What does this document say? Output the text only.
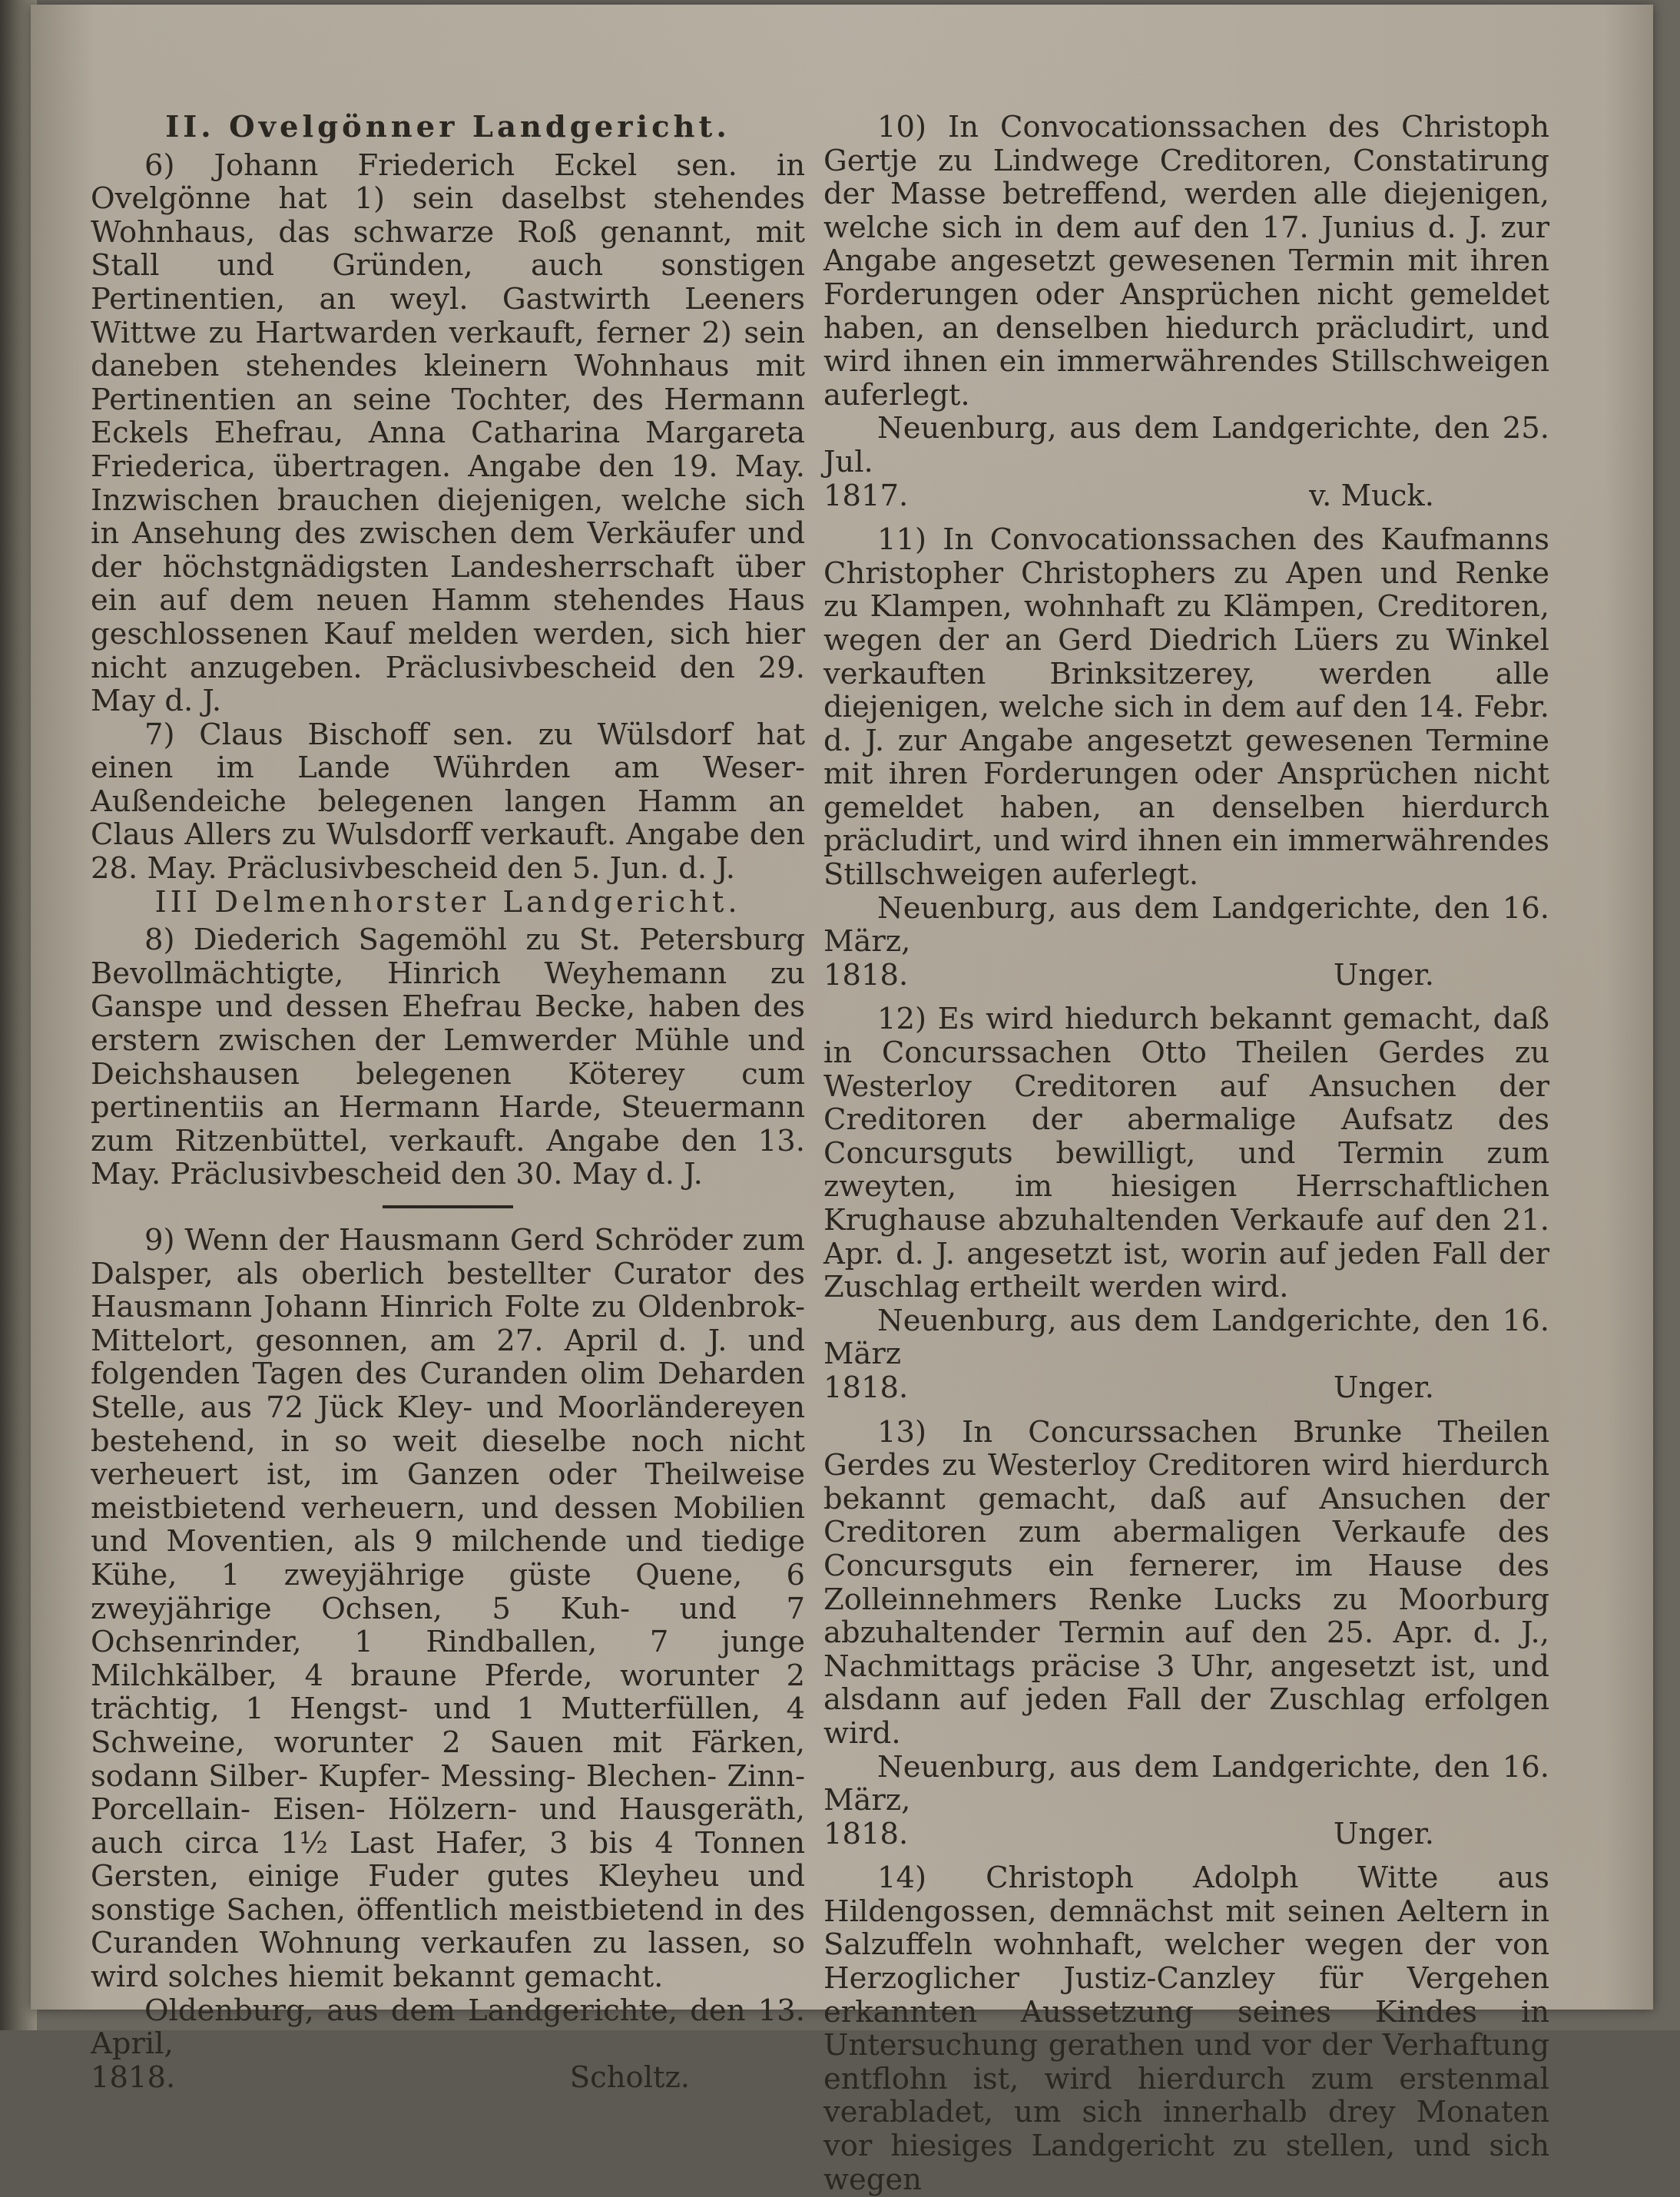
II. Ovelgönner Landgericht.

6) Johann Friederich Eckel sen. in Ovelgönne hat 1) sein daselbst stehendes Wohnhaus, das schwarze Roß genannt, mit Stall und Gründen, auch sonstigen Pertinentien, an weyl. Gastwirth Leeners Wittwe zu Hartwarden verkauft, ferner 2) sein daneben stehendes kleinern Wohnhaus mit Pertinentien an seine Tochter, des Hermann Eckels Ehefrau, Anna Catharina Margareta Friederica, übertragen. Angabe den 19. May. Inzwischen brauchen diejenigen, welche sich in Ansehung des zwischen dem Verkäufer und der höchstgnädigsten Landesherrschaft über ein auf dem neuen Hamm stehendes Haus geschlossenen Kauf melden werden, sich hier nicht anzugeben. Präclusivbescheid den 29. May d. J.

7) Claus Bischoff sen. zu Wülsdorf hat einen im Lande Wührden am Weser-Außendeiche belegenen langen Hamm an Claus Allers zu Wulsdorff verkauft. Angabe den 28. May. Präclusivbescheid den 5. Jun. d. J.

III Delmenhorster Landgericht.

8) Diederich Sagemöhl zu St. Petersburg Bevollmächtigte, Hinrich Weyhemann zu Ganspe und dessen Ehefrau Becke, haben des erstern zwischen der Lemwerder Mühle und Deichshausen belegenen Köterey cum pertinentiis an Hermann Harde, Steuermann zum Ritzenbüttel, verkauft. Angabe den 13. May. Präclusivbescheid den 30. May d. J.

9) Wenn der Hausmann Gerd Schröder zum Dalsper, als oberlich bestellter Curator des Hausmann Johann Hinrich Folte zu Oldenbrok-Mittelort, gesonnen, am 27. April d. J. und folgenden Tagen des Curanden olim Deharden Stelle, aus 72 Jück Kley- und Moorländereyen bestehend, in so weit dieselbe noch nicht verheuert ist, im Ganzen oder Theilweise meistbietend verheuern, und dessen Mobilien und Moventien, als 9 milchende und tiedige Kühe, 1 zweyjährige güste Quene, 6 zweyjährige Ochsen, 5 Kuh- und 7 Ochsenrinder, 1 Rindballen, 7 junge Milchkälber, 4 braune Pferde, worunter 2 trächtig, 1 Hengst- und 1 Mutterfüllen, 4 Schweine, worunter 2 Sauen mit Färken, sodann Silber- Kupfer- Messing- Blechen- Zinn- Porcellain- Eisen- Hölzern- und Hausgeräth, auch circa 1½ Last Hafer, 3 bis 4 Tonnen Gersten, einige Fuder gutes Kleyheu und sonstige Sachen, öffentlich meistbietend in des Curanden Wohnung verkaufen zu lassen, so wird solches hiemit bekannt gemacht.

Oldenburg, aus dem Landgerichte, den 13. April,

1818.	Scholtz.

10) In Convocationssachen des Christoph Gertje zu Lindwege Creditoren, Constatirung der Masse betreffend, werden alle diejenigen, welche sich in dem auf den 17. Junius d. J. zur Angabe angesetzt gewesenen Termin mit ihren Forderungen oder Ansprüchen nicht gemeldet haben, an denselben hiedurch präcludirt, und wird ihnen ein immerwährendes Stillschweigen auferlegt.

Neuenburg, aus dem Landgerichte, den 25. Jul.

1817.	v. Muck.

11) In Convocationssachen des Kaufmanns Christopher Christophers zu Apen und Renke zu Klampen, wohnhaft zu Klämpen, Creditoren, wegen der an Gerd Diedrich Lüers zu Winkel verkauften Brinksitzerey, werden alle diejenigen, welche sich in dem auf den 14. Febr. d. J. zur Angabe angesetzt gewesenen Termine mit ihren Forderungen oder Ansprüchen nicht gemeldet haben, an denselben hierdurch präcludirt, und wird ihnen ein immerwährendes Stillschweigen auferlegt.

Neuenburg, aus dem Landgerichte, den 16. März,

1818.	Unger.

12) Es wird hiedurch bekannt gemacht, daß in Concurssachen Otto Theilen Gerdes zu Westerloy Creditoren auf Ansuchen der Creditoren der abermalige Aufsatz des Concursguts bewilligt, und Termin zum zweyten, im hiesigen Herrschaftlichen Krughause abzuhaltenden Verkaufe auf den 21. Apr. d. J. angesetzt ist, worin auf jeden Fall der Zuschlag ertheilt werden wird.

Neuenburg, aus dem Landgerichte, den 16. März

1818.	Unger.

13) In Concurssachen Brunke Theilen Gerdes zu Westerloy Creditoren wird hierdurch bekannt gemacht, daß auf Ansuchen der Creditoren zum abermaligen Verkaufe des Concursguts ein fernerer, im Hause des Zolleinnehmers Renke Lucks zu Moorburg abzuhaltender Termin auf den 25. Apr. d. J., Nachmittags präcise 3 Uhr, angesetzt ist, und alsdann auf jeden Fall der Zuschlag erfolgen wird.

Neuenburg, aus dem Landgerichte, den 16. März,

1818.	Unger.

14) Christoph Adolph Witte aus Hildengossen, demnächst mit seinen Aeltern in Salzuffeln wohnhaft, welcher wegen der von Herzoglicher Justiz-Canzley für Vergehen erkannten Aussetzung seines Kindes in Untersuchung gerathen und vor der Verhaftung entflohn ist, wird hierdurch zum erstenmal verabladet, um sich innerhalb drey Monaten vor hiesiges Landgericht zu stellen, und sich wegen
